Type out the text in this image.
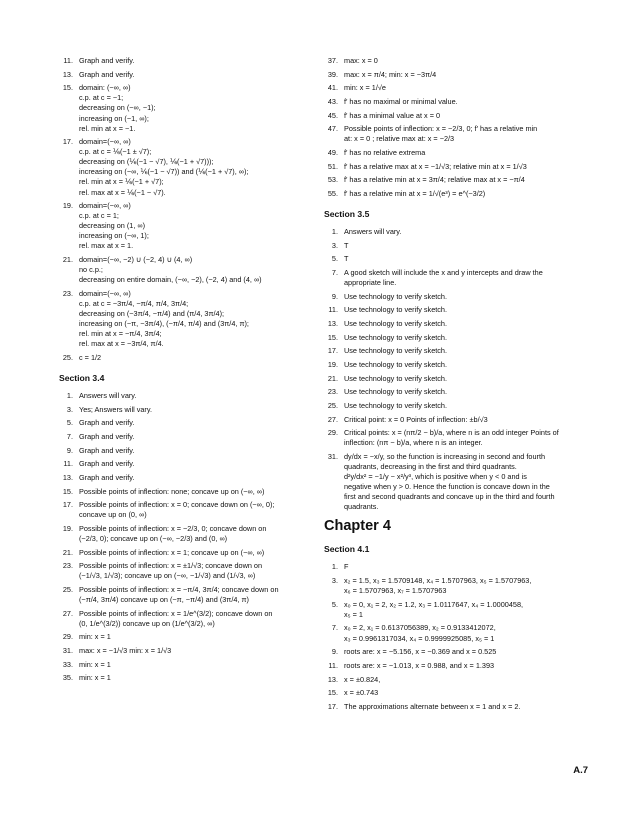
11. Graph and verify.
13. Graph and verify.
15. domain: (−∞, ∞)
c.p. at c = −1;
decreasing on (−∞, −1);
increasing on (−1, ∞);
rel. min at x = −1.
17. domain=(−∞, ∞)
c.p. at c = ⅙(−1 ± √7);
decreasing on (⅙(−1 − √7), ⅙(−1 + √7)));
increasing on (−∞, ⅙(−1 − √7)) and (⅙(−1 + √7), ∞);
rel. min at x = ⅙(−1 + √7);
rel. max at x = ⅙(−1 − √7).
19. domain=(−∞, ∞)
c.p. at c = 1;
decreasing on (1, ∞)
increasing on (−∞, 1);
rel. max at x = 1.
21. domain=(−∞, −2) ∪ (−2, 4) ∪ (4, ∞)
no c.p.;
decreasing on entire domain, (−∞, −2), (−2, 4) and (4, ∞)
23. domain=(−∞, ∞)
c.p. at c = −3π/4, −π/4, π/4, 3π/4;
decreasing on (−3π/4, −π/4) and (π/4, 3π/4);
increasing on (−π, −3π/4), (−π/4, π/4) and (3π/4, π);
rel. min at x = −π/4, 3π/4;
rel. max at x = −3π/4, π/4.
25. c = 1/2
Section 3.4
1. Answers will vary.
3. Yes; Answers will vary.
5. Graph and verify.
7. Graph and verify.
9. Graph and verify.
11. Graph and verify.
13. Graph and verify.
15. Possible points of inflection: none; concave up on (−∞, ∞)
17. Possible points of inflection: x = 0; concave down on (−∞, 0);
concave up on (0, ∞)
19. Possible points of inflection: x = −2/3, 0; concave down on
(−2/3, 0); concave up on (−∞, −2/3) and (0, ∞)
21. Possible points of inflection: x = 1; concave up on (−∞, ∞)
23. Possible points of inflection: x = ±1/√3; concave down on
(−1/√3, 1/√3); concave up on (−∞, −1/√3) and (1/√3, ∞)
25. Possible points of inflection: x = −π/4, 3π/4; concave down on
(−π/4, 3π/4) concave up on (−π, −π/4) and (3π/4, π)
27. Possible points of inflection: x = 1/e^(3/2); concave down on
(0, 1/e^(3/2)) concave up on (1/e^(3/2), ∞)
29. min: x = 1
31. max: x = −1/√3 min: x = 1/√3
33. min: x = 1
35. min: x = 1
37. max: x = 0
39. max: x = π/4; min: x = −3π/4
41. min: x = 1/√e
43. f′ has no maximal or minimal value.
45. f′ has a minimal value at x = 0
47. Possible points of inflection: x = −2/3, 0; f′ has a relative min
at: x = 0 ; relative max at: x = −2/3
49. f′ has no relative extrema
51. f′ has a relative max at x = −1/√3; relative min at x = 1/√3
53. f′ has a relative min at x = 3π/4; relative max at x = −π/4
55. f′ has a relative min at x = 1/√(e³) = e^(−3/2)
Section 3.5
1. Answers will vary.
3. T
5. T
7. A good sketch will include the x and y intercepts and draw the
appropriate line.
9. Use technology to verify sketch.
11. Use technology to verify sketch.
13. Use technology to verify sketch.
15. Use technology to verify sketch.
17. Use technology to verify sketch.
19. Use technology to verify sketch.
21. Use technology to verify sketch.
23. Use technology to verify sketch.
25. Use technology to verify sketch.
27. Critical point: x = 0 Points of inflection: ±b/√3
29. Critical points: x = (nπ/2 − b)/a, where n is an odd integer Points of
inflection: (nπ − b)/a, where n is an integer.
31. dy/dx = −x/y, so the function is increasing in second and fourth
quadrants, decreasing in the first and third quadrants.
d²y/dx² = −1/y − x²/y³, which is positive when y < 0 and is
negative when y > 0. Hence the function is concave down in the
first and second quadrants and concave up in the third and fourth
quadrants.
Chapter 4
Section 4.1
1. F
3. x₂ = 1.5, x₃ = 1.5709148, x₄ = 1.5707963, x₅ = 1.5707963,
x₆ = 1.5707963, x₇ = 1.5707963
5. x₀ = 0, x₁ = 2, x₂ = 1.2, x₃ = 1.0117647, x₄ = 1.0000458,
x₅ = 1
7. x₀ = 2, x₁ = 0.6137056389, x₂ = 0.9133412072,
x₃ = 0.9961317034, x₄ = 0.9999925085, x₅ = 1
9. roots are: x = −5.156, x = −0.369 and x = 0.525
11. roots are: x = −1.013, x = 0.988, and x = 1.393
13. x = ±0.824,
15. x = ±0.743
17. The approximations alternate between x = 1 and x = 2.
A.7
